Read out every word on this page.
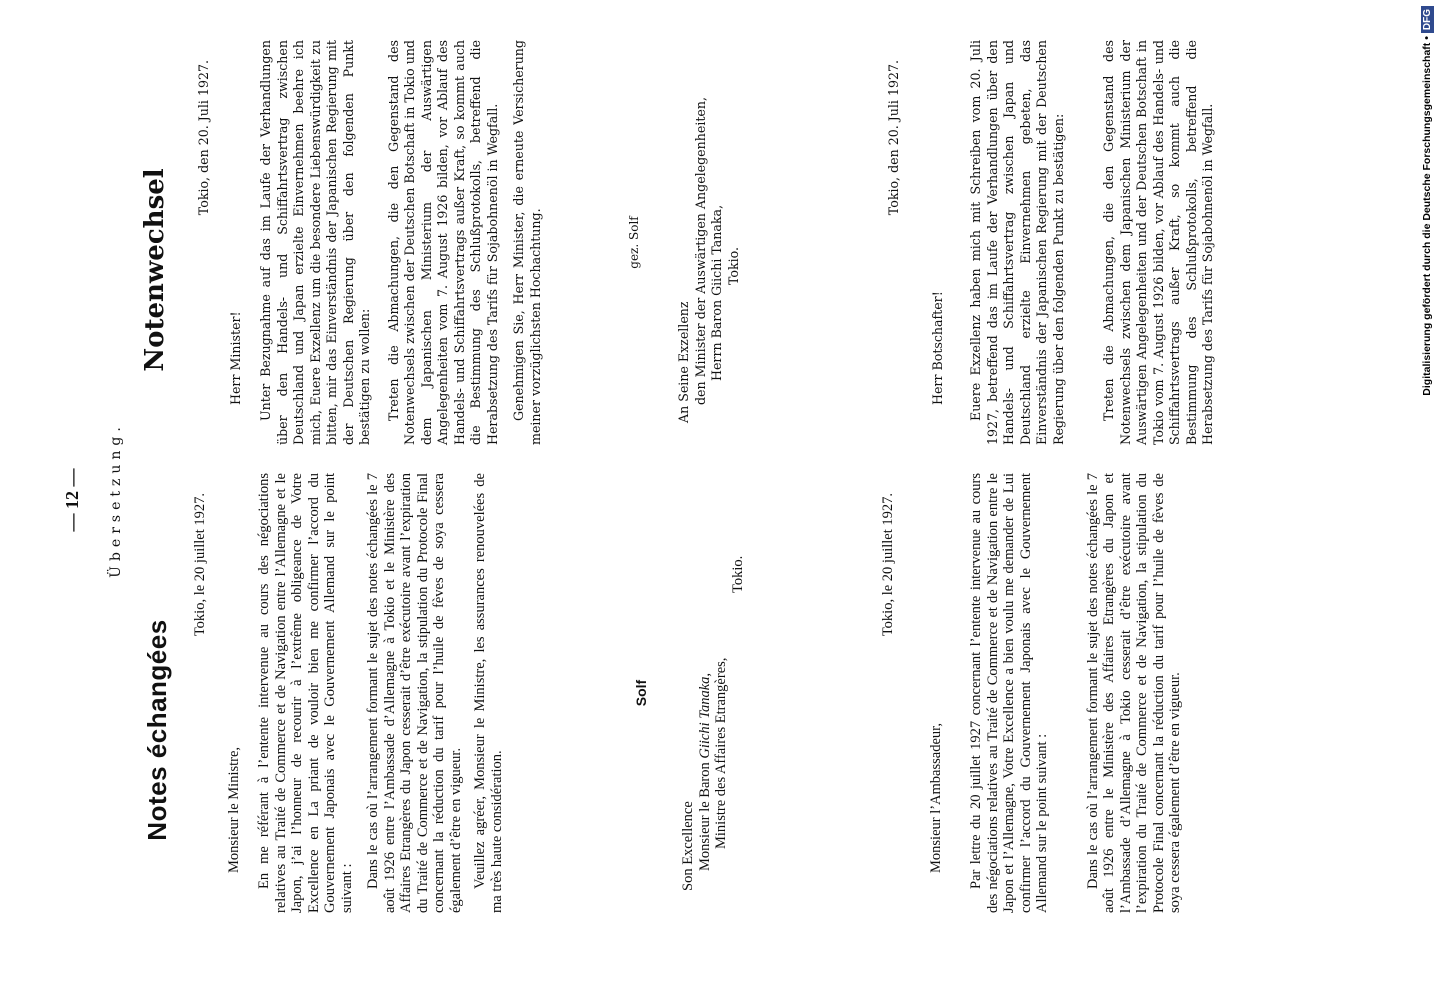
— 12 — Übersetzung.
Notes échangées
Notenwechsel
Tokio, le 20 juillet 1927.
Monsieur le Ministre, En me référant à l’entente intervenue au cours des négociations relatives au Traité de Commerce et de Navigation entre l’Allemagne et le Japon, j’ai l’honneur de recourir à l’extrême obligeance de Votre Excellence en La priant de vouloir bien me confirmer l’accord du Gouvernement Japonais avec le Gouvernement Allemand sur le point suivant : Dans le cas où l’arrangement formant le sujet des notes échangées le 7 août 1926 entre l’Ambassade d’Allemagne à Tokio et le Ministère des Affaires Etrangères du Japon cesserait d’être exécutoire avant l’expiration du Traité de Commerce et de Navigation, la stipulation du Protocole Final concernant la réduction du tarif pour l’huile de fèves de soya cessera également d’être en vigueur. Veuillez agréer, Monsieur le Ministre, les assurances renouvelées de ma très haute considération.

Solf

Son Excellence Monsieur le Baron Giichi Tanaka, Ministre des Affaires Etrangères,

Tokio.	Tokio, le 20 juillet 1927.
Monsieur l’Ambassadeur, Par lettre du 20 juillet 1927 concernant l’entente intervenue au cours des négociations relatives au Traité de Commerce et de Navigation entre le Japon et l’Allemagne, Votre Excellence a bien voulu me demander de Lui confirmer l’accord du Gouvernement Japonais avec le Gouvernement Allemand sur le point suivant : Dans le cas où l’arrangement formant le sujet des notes échangées le 7 août 1926 entre le Ministère des Affaires Etrangères du Japon et l’Ambassade d’Allemagne à Tokio cesserait d’être exécutoire avant l’expiration du Traité de Commerce et de Navigation, la stipulation du Protocole Final concernant la réduction du tarif pour l’huile de fèves de soya cessera également d’être en vigueur.

Tokio, den 20. Juli 1927.
Herr Minister! Unter Bezugnahme auf das im Laufe der Verhandlungen über den Handels- und Schiffahrtsvertrag zwischen Deutschland und Japan erzielte Einvernehmen beehre ich mich, Euere Exzellenz um die besondere Liebenswürdigkeit zu bitten, mir das Einverständnis der Japanischen Regierung mit der Deutschen Regierung über den folgenden Punkt bestätigen zu wollen: Treten die Abmachungen, die den Gegenstand des Notenwechsels zwischen der Deutschen Botschaft in Tokio und dem Japanischen Ministerium der Auswärtigen Angelegenheiten vom 7. August 1926 bilden, vor Ablauf des Handels- und Schiffahrtsvertrags außer Kraft, so kommt auch die Bestimmung des Schlußprotokolls, betreffend die Herabsetzung des Tarifs für Sojabohnenöl in Wegfall. Genehmigen Sie, Herr Minister, die erneute Versicherung meiner vorzüglichsten Hochachtung.	gez. Solf

An Seine Exzellenz den Minister der Auswärtigen Angelegenheiten, Herrn Baron Giichi Tanaka, Tokio.

Tokio, den 20. Juli 1927.
Herr Botschafter! Euere Exzellenz haben mich mit Schreiben vom 20. Juli 1927, betreffend das im Laufe der Verhandlungen über den Handels- und Schiffahrtsvertrag zwischen Japan und Deutschland erzielte Einvernehmen gebeten, das Einverständnis der Japanischen Regierung mit der Deutschen Regierung über den folgenden Punkt zu bestätigen:	Treten die Abmachungen, die den Gegenstand des Notenwechsels zwischen dem Japanischen Ministerium der Auswärtigen Angelegenheiten und der Deutschen Botschaft in Tokio vom 7. August 1926 bilden, vor Ablauf des Handels- und Schiffahrtsvertrags außer Kraft, so kommt auch die Bestimmung des Schlußprotokolls, betreffend die Herabsetzung des Tarifs für Sojabohnenöl in Wegfall.	Digitalisierung gefördert durch die Deutsche Forschungsgemeinschaft •DFG
